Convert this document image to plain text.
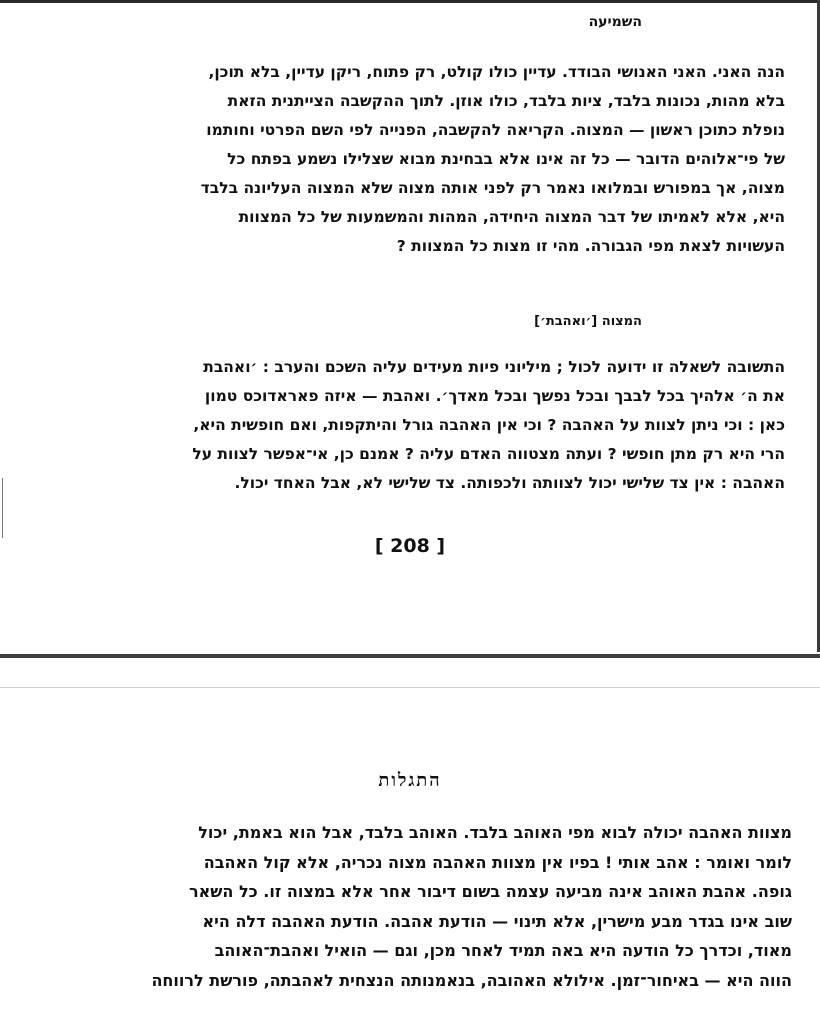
השמיעה
הנה האני. האני האנושי הבודד. עדיין כולו קולט, רק פתוח, ריקן עדיין, בלא תוכן,
בלא מהות, נכונות בלבד, ציות בלבד, כולו אוזן. לתוך ההקשבה הצייתנית הזאת
נופלת כתוכן ראשון — המצוה. הקריאה להקשבה, הפנייה לפי השם הפרטי וחותמו
של פי־אלוהים הדובר — כל זה אינו אלא בבחינת מבוא שצלילו נשמע בפתח כל
מצוה, אך במפורש ובמלואו נאמר רק לפני אותה מצוה שלא המצוה העליונה בלבד
היא, אלא לאמיתו של דבר המצוה היחידה, המהות והמשמעות של כל המצוות
העשויות לצאת מפי הגבורה. מהי זו מצות כל המצוות ?
המצוה [׳ואהבת׳]
התשובה לשאלה זו ידועה לכול ; מיליוני פיות מעידים עליה השכם והערב : ׳ואהבת
את ה׳ אלהיך בכל לבבך ובכל נפשך ובכל מאדך׳. ואהבת — איזה פאראדוכס טמון
כאן : וכי ניתן לצוות על האהבה ? וכי אין האהבה גורל והיתקפות, ואם חופשית היא,
הרי היא רק מתן חופשי ? ועתה מצטווה האדם עליה ? אמנם כן, אי־אפשר לצוות על
האהבה : אין צד שלישי יכול לצוותה ולכפותה. צד שלישי לא, אבל האחד יכול.
[ 208 ]
התגלות
מצוות האהבה יכולה לבוא מפי האוהב בלבד. האוהב בלבד, אבל הוא באמת, יכול
לומר ואומר : אהב אותי ! בפיו אין מצוות האהבה מצוה נכריה, אלא קול האהבה
גופה. אהבת האוהב אינה מביעה עצמה בשום דיבור אחר אלא במצוה זו. כל השאר
שוב אינו בגדר מבע מישרין, אלא תינוי — הודעת אהבה. הודעת האהבה דלה היא
מאוד, וכדרך כל הודעה היא באה תמיד לאחר מכן, וגם — הואיל ואהבת־האוהב
הווה היא — באיחור־זמן. אילולא האהובה, בנאמנותה הנצחית לאהבתה, פורשת לרווחה
